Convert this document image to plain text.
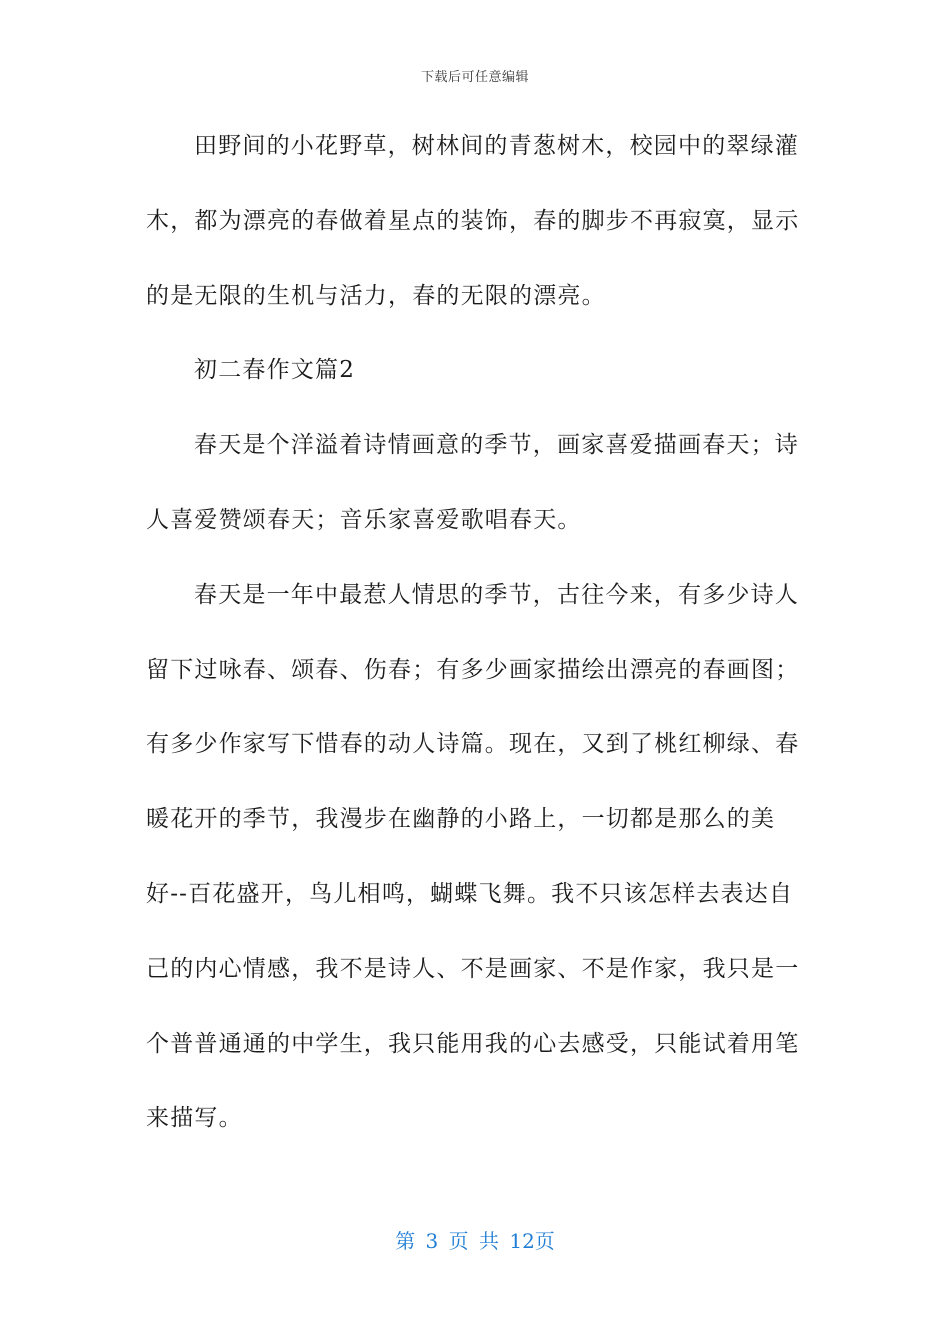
下载后可任意编辑
田野间的小花野草，树林间的青葱树木，校园中的翠绿灌
木，都为漂亮的春做着星点的装饰，春的脚步不再寂寞，显示
的是无限的生机与活力，春的无限的漂亮。
初二春作文篇2
春天是个洋溢着诗情画意的季节，画家喜爱描画春天；诗
人喜爱赞颂春天；音乐家喜爱歌唱春天。
春天是一年中最惹人情思的季节，古往今来，有多少诗人
留下过咏春、颂春、伤春；有多少画家描绘出漂亮的春画图；
有多少作家写下惜春的动人诗篇。现在，又到了桃红柳绿、春
暖花开的季节，我漫步在幽静的小路上，一切都是那么的美
好--百花盛开，鸟儿相鸣，蝴蝶飞舞。我不只该怎样去表达自
己的内心情感，我不是诗人、不是画家、不是作家，我只是一
个普普通通的中学生，我只能用我的心去感受，只能试着用笔
来描写。
第 3 页 共 12页
